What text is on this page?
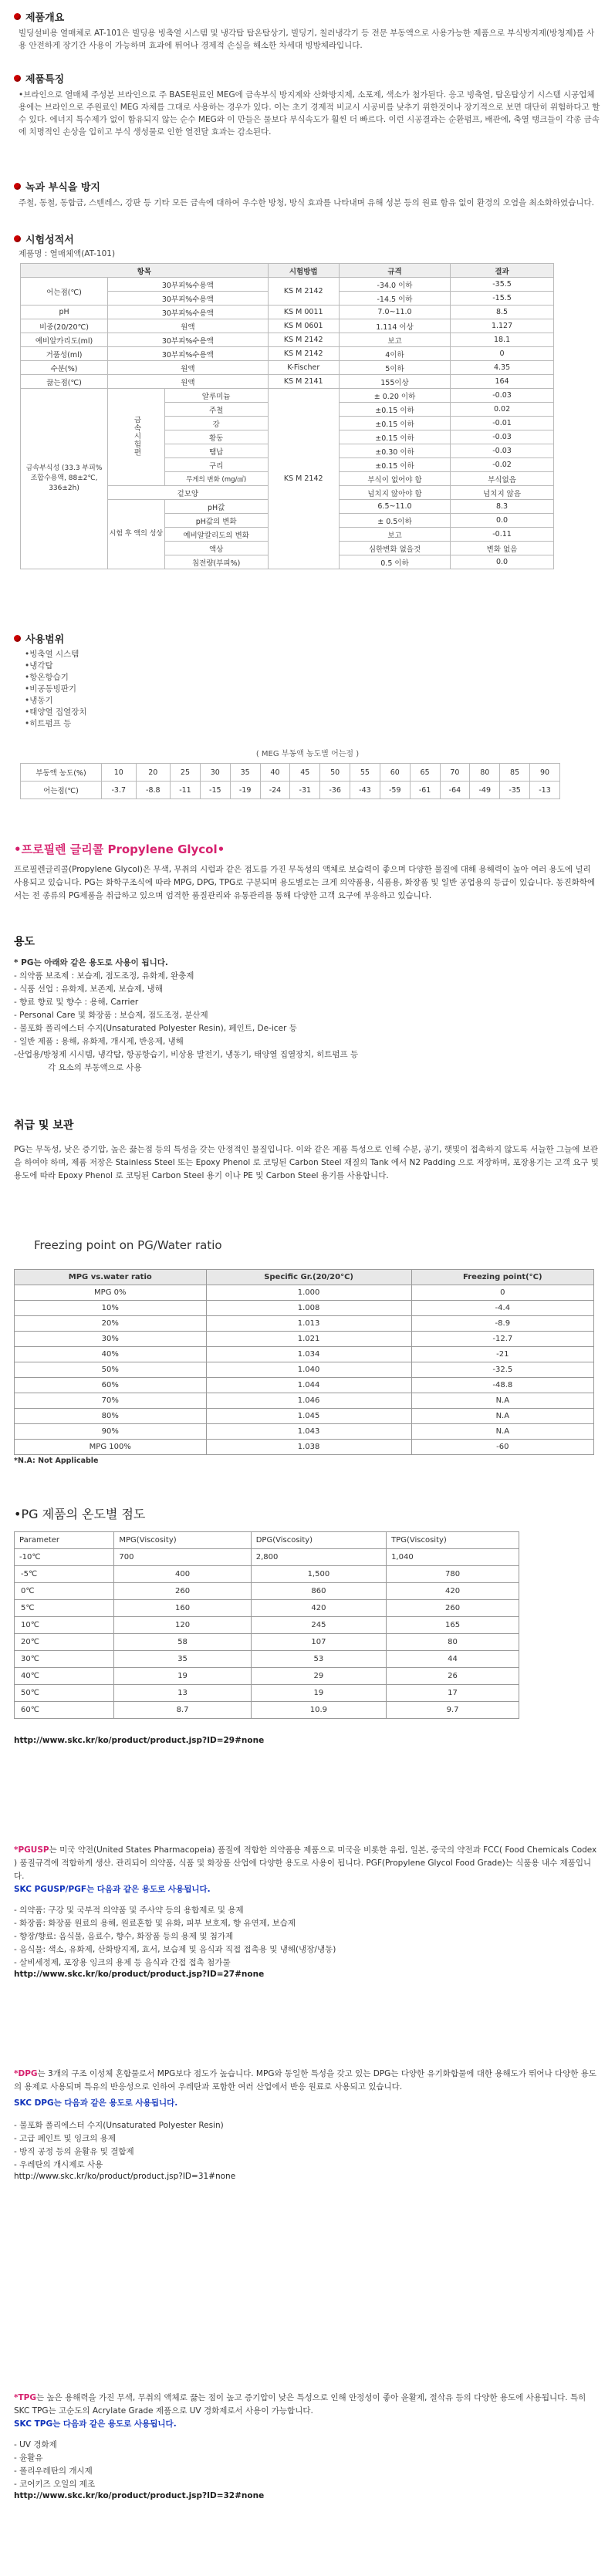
제품개요
빌딩설비용 열매체로 AT-101은 빌딩용 빙축열 시스템 및 냉각탑 탑온탑상기, 빌딩기, 칠러냉각기 등 전문 부동액으로 사용가능한 제품으로 부식방지제(방청제)를 사용 안전하게 장기간 사용이 가능하며 효과에 뛰어나 경제적 손실을 해소한 차세대 빙방체라입니다.
제품특징
•브라인으로 열매체 주성분 브라인으로 주 BASE원료인 MEG에 금속부식 방지제와 산화방지제, 소포제, 색소가 첨가된다. 응고 빙축열, 탑온탑상기 시스템 시공업체 용에는 브라인으로 주원료인 MEG 자체를 그대로 사용하는 경우가 있다. 이는 초기 경제적 비교시 시공비를 낮추기 위한것이나 장기적으로 보면 대단히 위험하다고 할 수 있다. 에너지 특수제가 없이 함유되지 않는 순수 MEG와 이 만들은 물보다 부식속도가 훨씬 더 빠르다. 이런 시공결과는 순환펌프, 배관에, 축열 탱크들이 각종 금속에 치명적인 손상을 입히고 부식 생성물로 인한 열전달 효과는 감소된다.
녹과 부식을 방지
주철, 동철, 동합금, 스텐레스, 강판 등 기타 모든 금속에 대하여 우수한 방청, 방식 효과를 나타내며 유해 성분 등의 원료 함유 없이 환경의 오염을 최소화하였습니다.
시험성적서
제품명 : 열매체액(AT-101)
항목			시험방법	규격	결과
어는점(℃)	30부피%수용액		KS M 2142	-34.0 이하	-35.5
	30부피%수용액			-14.5 이하	-15.5
pH	30부피%수용액		KS M 0011	7.0~11.0	8.5
비중(20/20℃)	원액		KS M 0601	1.114 이상	1.127
예비알카리도(ml)	30부피%수용액		KS M 2142	보고	18.1
거품성(ml)	30부피%수용액		KS M 2142	4이하	0
수분(%)	원액		K-Fischer	5이하	4.35
끓는점(℃)	원액		KS M 2141	155이상	164
금속부식성 (33.3 부피% 조합수용액, 88±2℃, 336±2h)	금속시험편	알루미늄	KS M 2142	± 0.20 이하	-0.03
		주철		±0.15 이하	0.02
		강		±0.15 이하	-0.01
		황동		±0.15 이하	-0.03
		땜납		±0.30 이하	-0.03
		구리		±0.15 이하	-0.02
		무게의 변화 (mg/㎠)		부식이 없어야 함	부식없음
	겉모양			넘치지 않아야 함	넘치지 않음
	시험 후 액의 성상	pH값		6.5~11.0	8.3
		pH값의 변화		± 0.5이하	0.0
		예비알칼리도의 변화		보고	-0.11
		액상		심한변화 없을것	변화 없음
		침전량(부피%)		0.5 이하	0.0

사용범위
•빙축열 시스템
•냉각탑
•항온항습기
•비공동빙판기
•냉동기
•태양열 집열장치
•히트펌프 등
( MEG 부동액 농도별 어는점 )
부동액 농도(%)	10	20	25	30	35	40	45	50	55	60	65	70	80	85	90
어는점(℃)	-3.7	-8.8	-11	-15	-19	-24	-31	-36	-43	-59	-61	-64	-49	-35	-13
•프로필렌 글리콜 Propylene Glycol•
프로필렌글리콜(Propylene Glycol)은 무색, 무취의 시럽과 같은 점도를 가진 무독성의 액체로 보습력이 좋으며 다양한 물질에 대해 용해력이 높아 여러 용도에 널리 사용되고 있습니다. PG는 화학구조식에 따라 MPG, DPG, TPG로 구분되며 용도별로는 크게 의약품용, 식품용, 화장품 및 일반 공업용의 등급이 있습니다. 동진화학에서는 전 종류의 PG제품을 취급하고 있으며 엄격한 품질관리와 유통관리를 통해 다양한 고객 요구에 부응하고 있습니다.
용도
* PG는 아래와 같은 용도로 사용이 됩니다.
- 의약품 보조제 : 보습제, 점도조정, 유화제, 완충제
- 식품 선업 : 유화제, 보존제, 보습제, 냉해
- 향료 향료 및 향수 : 용해, Carrier
- Personal Care 및 화장품 : 보습제, 점도조정, 분산제
- 불포화 폴리에스터 수지(Unsaturated Polyester Resin), 페인트, De-icer 등
- 일반 제품 : 용해, 유화제, 개시제, 반응제, 냉해
-산업용/방청제 시시템, 냉각탑, 항공항습기, 비상용 발전기, 냉동기, 태양열 집열장치, 히트펌프 등
각 요소의 부동액으로 사용
취급 및 보관
PG는 무독성, 낮은 증기압, 높은 끓는점 등의 특성을 갖는 안정적인 물질입니다. 이와 같은 제품 특성으로 인해 수분, 공기, 햇빛이 접촉하지 않도록 서늘한 그늘에 보관을 하여야 하며, 제품 저장은 Stainless Steel 또는 Epoxy Phenol 로 코팅된 Carbon Steel 재질의 Tank 에서 N2 Padding 으로 저장하며, 포장용기는 고객 요구 및 용도에 따라 Epoxy Phenol 로 코팅된 Carbon Steel 용기 이나 PE 및 Carbon Steel 용기를 사용합니다.
Freezing point on PG/Water ratio
MPG vs.water ratio	Specific Gr.(20/20°C)	Freezing point(°C)
MPG 0%	1.000	0
10%	1.008	-4.4
20%	1.013	-8.9
30%	1.021	-12.7
40%	1.034	-21
50%	1.040	-32.5
60%	1.044	-48.8
70%	1.046	N.A
80%	1.045	N.A
90%	1.043	N.A
MPG 100%	1.038	-60
*N.A: Not Applicable
•PG 제품의 온도별 점도
Parameter	MPG(Viscosity)	DPG(Viscosity)	TPG(Viscosity)
-10℃	700	2,800	1,040
-5℃	400	1,500	780
0℃	260	860	420
5℃	160	420	260
10℃	120	245	165
20℃	58	107	80
30℃	35	53	44
40℃	19	29	26
50℃	13	19	17
60℃	8.7	10.9	9.7
http://www.skc.kr/ko/product/product.jsp?ID=29#none
*PGUSP는 미국 약전(United States Pharmacopeia) 품질에 적합한 의약품용 제품으로 미국을 비롯한 유럽, 일본, 중국의 약전과 FCC( Food Chemicals Codex ) 품질규격에 적합하게 생산. 관리되어 의약품, 식품 및 화장품 산업에 다양한 용도로 사용이 됩니다. PGF(Propylene Glycol Food Grade)는 식품용 내수 제품입니다.
SKC PGUSP/PGF는 다음과 같은 용도로 사용됩니다.
- 의약품: 구강 및 국부적 의약품 및 주사약 등의 용합제로 및 용제
- 화장품: 화장품 원료의 용해, 원료혼합 및 유화, 피부 보호제, 향 유연제, 보습제
- 향장/향료: 음식물, 음료수, 향수, 화장품 등의 용제 및 첨가제
- 음식물: 색소, 유화제, 산화방지제, 효서, 보습제 및 음식과 직접 접촉용 및 냉해(냉장/냉동)
- 살비세정제, 포장용 잉크의 용제 등 음식과 간접 접촉 첨가물
http://www.skc.kr/ko/product/product.jsp?ID=27#none
*DPG는 3개의 구조 이성체 혼합물로서 MPG보다 점도가 높습니다. MPG와 동일한 특성을 갖고 있는 DPG는 다양한 유기화합물에 대한 용해도가 뛰어나 다양한 용도의 용제로 사용되며 특유의 반응성으로 인하여 우레탄과 포함한 여러 산업에서 반응 원료로 사용되고 있습니다.
SKC DPG는 다음과 같은 용도로 사용됩니다.
- 불포화 폴리에스터 수지(Unsaturated Polyester Resin)
- 고급 페인트 및 잉크의 용제
- 방직 공정 등의 윤활유 및 결합제
- 우레탄의 개시제로 사용
http://www.skc.kr/ko/product/product.jsp?ID=31#none
*TPG는 높은 용해력을 가진 무색, 무취의 액체로 끓는 점이 높고 증기압이 낮은 특성으로 인해 안정성이 좋아 윤활제, 절삭유 등의 다양한 용도에 사용됩니다. 특히 SKC TPG는 고순도의 Acrylate Grade 제품으로 UV 경화제로서 사용이 가능합니다.
SKC TPG는 다음과 같은 용도로 사용됩니다.
- UV 경화제
- 윤활유
- 폴리우레탄의 개시제
- 코어키즈 오일의 제조
http://www.skc.kr/ko/product/product.jsp?ID=32#none
